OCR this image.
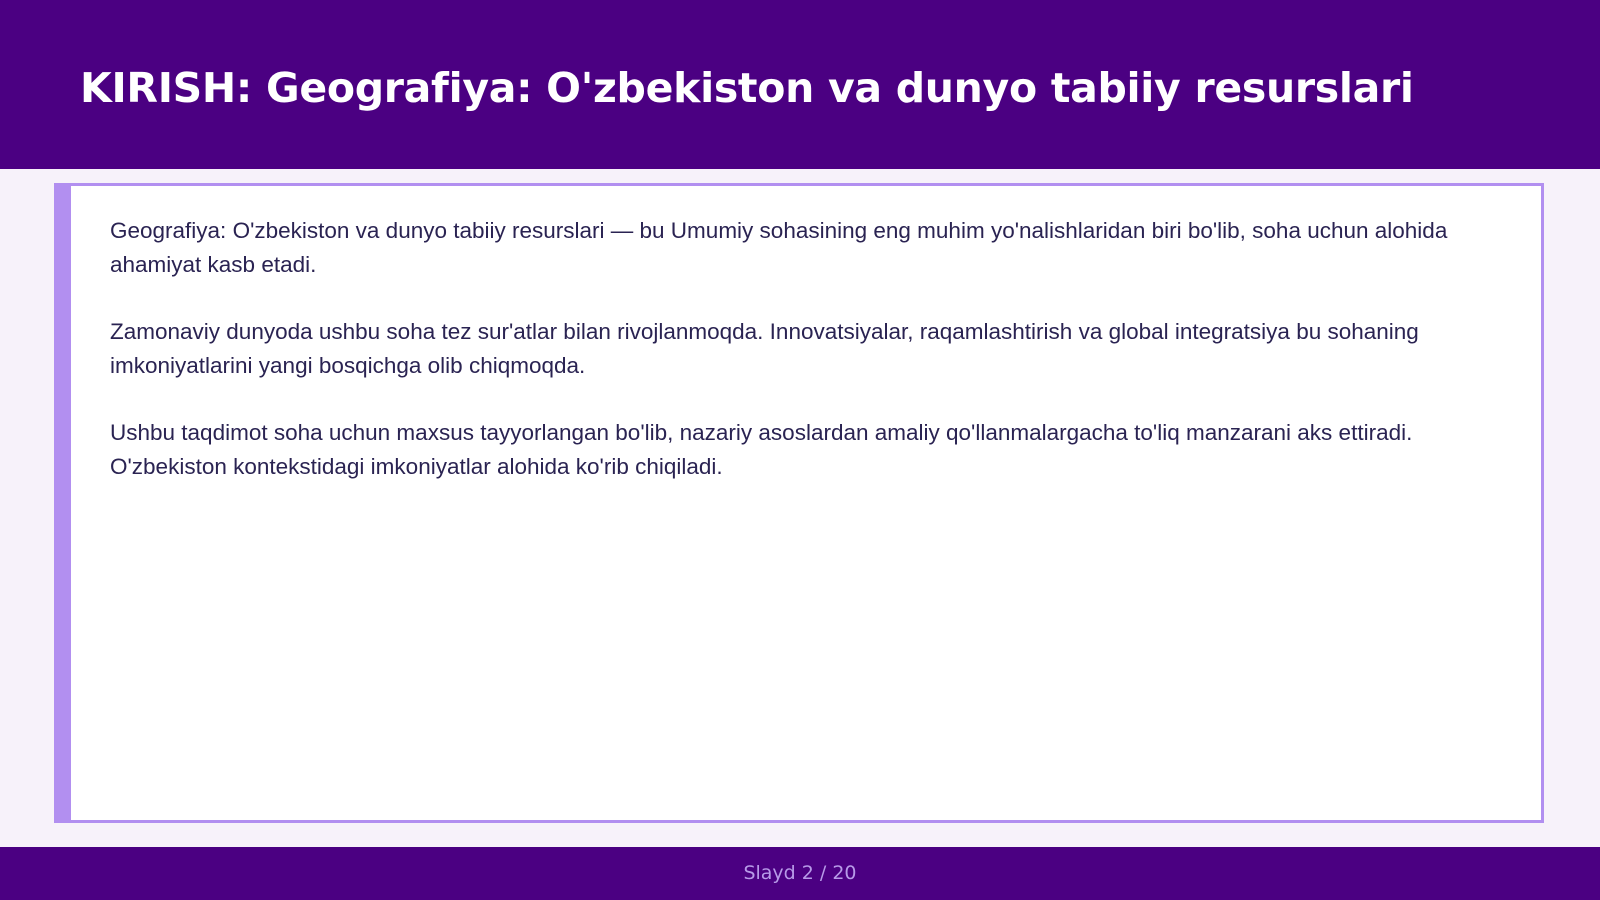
KIRISH: Geografiya: O'zbekiston va dunyo tabiiy resurslari

Geografiya: O'zbekiston va dunyo tabiiy resurslari — bu Umumiy sohasining eng muhim yo'nalishlaridan biri bo'lib, soha uchun alohida ahamiyat kasb etadi.

Zamonaviy dunyoda ushbu soha tez sur'atlar bilan rivojlanmoqda. Innovatsiyalar, raqamlashtirish va global integratsiya bu sohaning imkoniyatlarini yangi bosqichga olib chiqmoqda.

Ushbu taqdimot soha uchun maxsus tayyorlangan bo'lib, nazariy asoslardan amaliy qo'llanmalargacha to'liq manzarani aks ettiradi. O'zbekiston kontekstidagi imkoniyatlar alohida ko'rib chiqiladi.

Slayd 2 / 20
